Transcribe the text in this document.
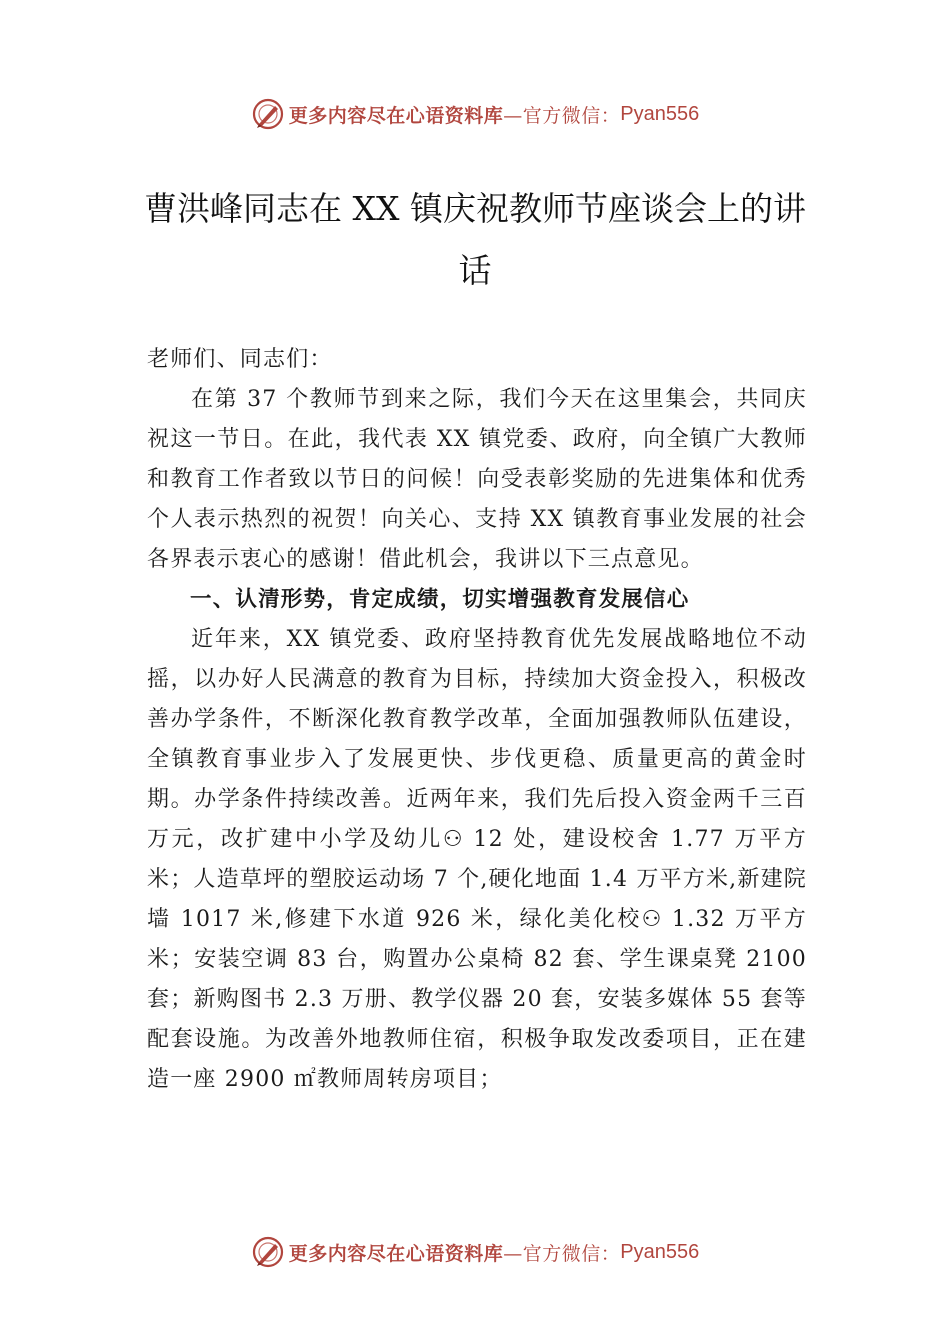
更多内容尽在心语资料库 —官方微信： Pyan556
曹洪峰同志在 XX 镇庆祝教师节座谈会上的讲话

老师们、同志们：

在第 37 个教师节到来之际，我们今天在这里集会，共同庆祝这一节日。在此，我代表 XX 镇党委、政府，向全镇广大教师和教育工作者致以节日的问候！向受表彰奖励的先进集体和优秀个人表示热烈的祝贺！向关心、支持 XX 镇教育事业发展的社会各界表示衷心的感谢！借此机会，我讲以下三点意见。

一、认清形势，肯定成绩，切实增强教育发展信心

近年来，XX 镇党委、政府坚持教育优先发展战略地位不动摇，以办好人民满意的教育为目标，持续加大资金投入，积极改善办学条件，不断深化教育教学改革，全面加强教师队伍建设，全镇教育事业步入了发展更快、步伐更稳、质量更高的黄金时期。办学条件持续改善。近两年来，我们先后投入资金两千三百万元，改扩建中小学及幼儿⚇ 12 处，建设校舍 1.77 万平方米；人造草坪的塑胶运动场 7 个,硬化地面 1.4 万平方米,新建院墙 1017 米,修建下水道 926 米，绿化美化校⚇ 1.32 万平方米；安装空调 83 台，购置办公桌椅 82 套、学生课桌凳 2100 套；新购图书 2.3 万册、教学仪器 20 套，安装多媒体 55 套等配套设施。为改善外地教师住宿，积极争取发改委项目，正在建造一座 2900 ㎡教师周转房项目；

更多内容尽在心语资料库 —官方微信： Pyan556
